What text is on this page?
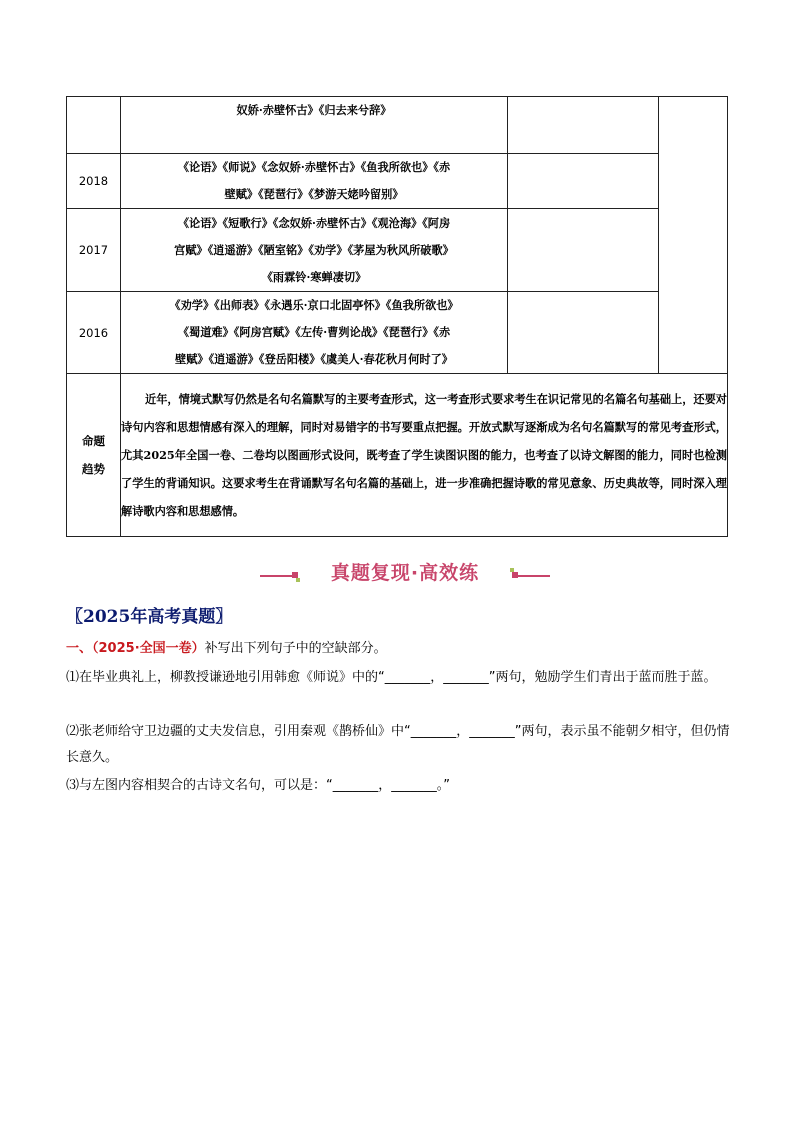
	奴娇·赤壁怀古》《归去来兮辞》		

2018	《论语》《师说》《念奴娇·赤壁怀古》《鱼我所欲也》《赤
壁赋》《琵琶行》《梦游天姥吟留别》		

2017	《论语》《短歌行》《念奴娇·赤壁怀古》《观沧海》《阿房
宫赋》《逍遥游》《陋室铭》《劝学》《茅屋为秋风所破歌》
《雨霖铃·寒蝉凄切》		

2016	《劝学》《出师表》《永遇乐·京口北固亭怀》《鱼我所欲也》
《蜀道难》《阿房宫赋》《左传·曹刿论战》《琵琶行》《赤
壁赋》《逍遥游》《登岳阳楼》《虞美人·春花秋月何时了》		

命题
趋势	近年，情境式默写仍然是名句名篇默写的主要考查形式，这一考查形式要求考生在识记常见的名篇名句基础上，还要对诗句内容和思想情感有深入的理解，同时对易错字的书写要重点把握。开放式默写逐渐成为名句名篇默写的常见考查形式，尤其2025年全国一卷、二卷均以图画形式设问，既考查了学生读图识图的能力，也考查了以诗文解图的能力，同时也检测了学生的背诵知识。这要求考生在背诵默写名句名篇的基础上，进一步准确把握诗歌的常见意象、历史典故等，同时深入理解诗歌内容和思想感情。		
真题复现·高效练
〖2025年高考真题〗
一、（2025·全国一卷）补写出下列句子中的空缺部分。
⑴在毕业典礼上，柳教授谦逊地引用韩愈《师说》中的“_______，_______”两句，勉励学生们青出于蓝而胜于蓝。
⑵张老师给守卫边疆的丈夫发信息，引用秦观《鹊桥仙》中“_______，_______”两句，表示虽不能朝夕相守，但仍情长意久。
⑶与左图内容相契合的古诗文名句，可以是：“_______，_______。”
